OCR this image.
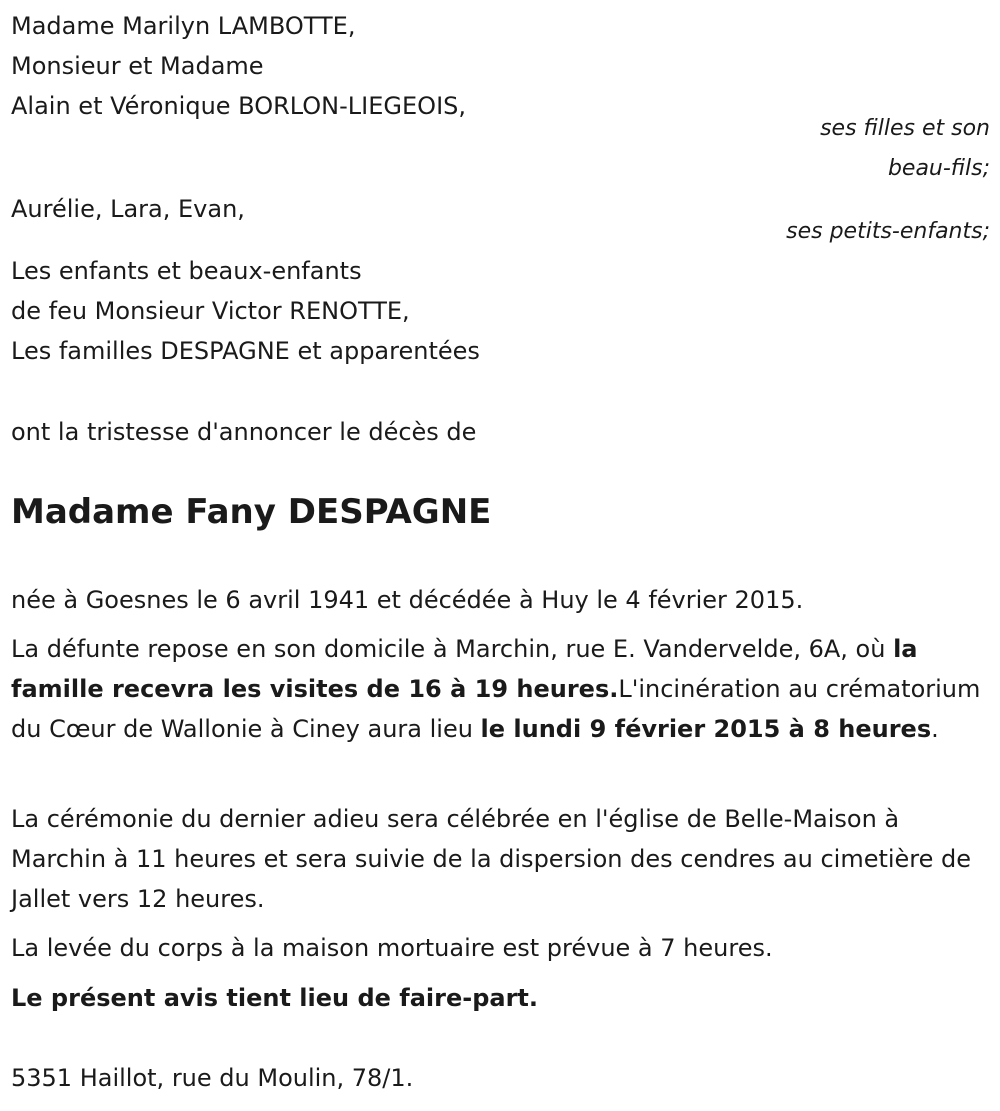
Madame Marilyn LAMBOTTE,

Monsieur et Madame

Alain et Véronique BORLON-LIEGEOIS,

ses filles et son

beau-fils;

Aurélie, Lara, Evan,

ses petits-enfants;

Les enfants et beaux-enfants

de feu Monsieur Victor RENOTTE,

Les familles DESPAGNE et apparentées

ont la tristesse d'annoncer le décès de

Madame Fany DESPAGNE

née à Goesnes le 6 avril 1941 et décédée à Huy le 4 février 2015.

La défunte repose en son domicile à Marchin, rue E. Vandervelde, 6A, où la famille recevra les visites de 16 à 19 heures.L'incinération au crématorium du Cœur de Wallonie à Ciney aura lieu le lundi 9 février 2015 à 8 heures.

La cérémonie du dernier adieu sera célébrée en l'église de Belle-Maison à Marchin à 11 heures et sera suivie de la dispersion des cendres au cimetière de Jallet vers 12 heures.

La levée du corps à la maison mortuaire est prévue à 7 heures.

Le présent avis tient lieu de faire-part.

5351 Haillot, rue du Moulin, 78/1.
